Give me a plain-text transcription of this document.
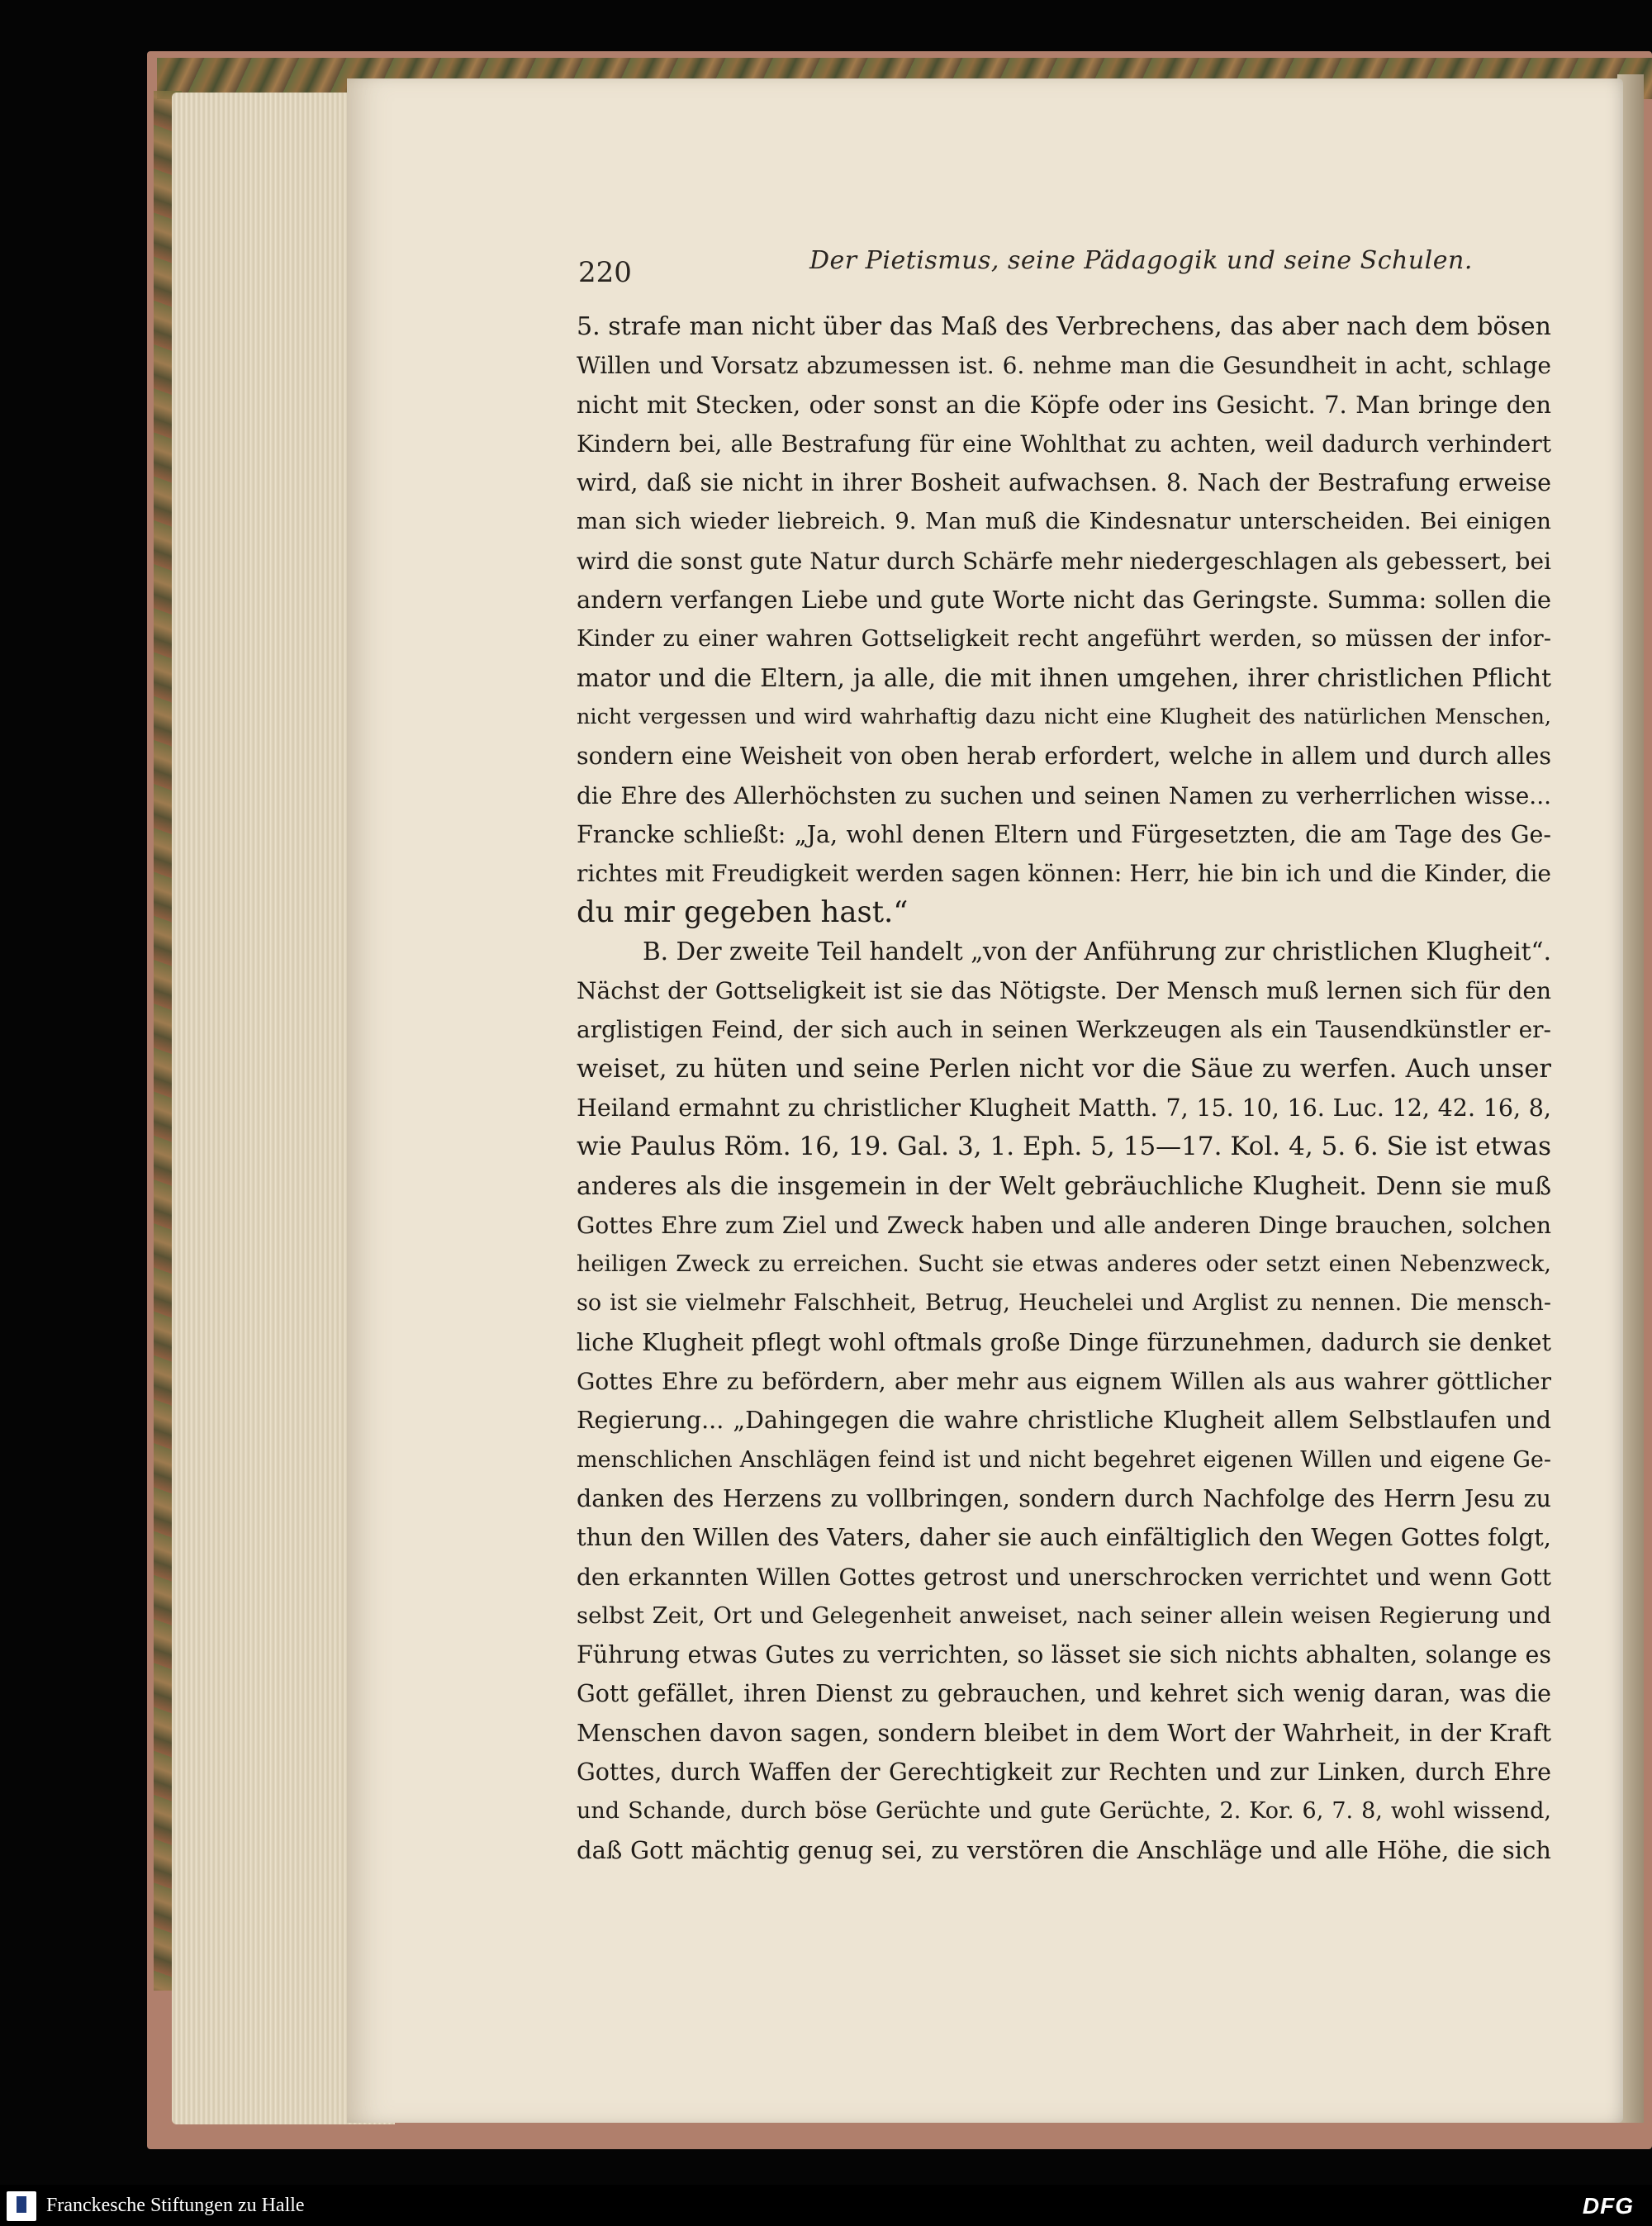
220	Der Pietismus, seine Pädagogik und seine Schulen.
5. strafe man nicht über das Maß des Verbrechens, das aber nach dem bösen
Willen und Vorsatz abzumessen ist. 6. nehme man die Gesundheit in acht, schlage
nicht mit Stecken, oder sonst an die Köpfe oder ins Gesicht. 7. Man bringe den
Kindern bei, alle Bestrafung für eine Wohlthat zu achten, weil dadurch verhindert
wird, daß sie nicht in ihrer Bosheit aufwachsen. 8. Nach der Bestrafung erweise
man sich wieder liebreich. 9. Man muß die Kindesnatur unterscheiden. Bei einigen
wird die sonst gute Natur durch Schärfe mehr niedergeschlagen als gebessert, bei
andern verfangen Liebe und gute Worte nicht das Geringste. Summa: sollen die
Kinder zu einer wahren Gottseligkeit recht angeführt werden, so müssen der infor-
mator und die Eltern, ja alle, die mit ihnen umgehen, ihrer christlichen Pflicht
nicht vergessen und wird wahrhaftig dazu nicht eine Klugheit des natürlichen Menschen,
sondern eine Weisheit von oben herab erfordert, welche in allem und durch alles
die Ehre des Allerhöchsten zu suchen und seinen Namen zu verherrlichen wisse...
Francke schließt: „Ja, wohl denen Eltern und Fürgesetzten, die am Tage des Ge-
richtes mit Freudigkeit werden sagen können: Herr, hie bin ich und die Kinder, die
du mir gegeben hast.“
B. Der zweite Teil handelt „von der Anführung zur christlichen Klugheit“.
Nächst der Gottseligkeit ist sie das Nötigste. Der Mensch muß lernen sich für den
arglistigen Feind, der sich auch in seinen Werkzeugen als ein Tausendkünstler er-
weiset, zu hüten und seine Perlen nicht vor die Säue zu werfen. Auch unser
Heiland ermahnt zu christlicher Klugheit Matth. 7, 15. 10, 16. Luc. 12, 42. 16, 8,
wie Paulus Röm. 16, 19. Gal. 3, 1. Eph. 5, 15—17. Kol. 4, 5. 6. Sie ist etwas
anderes als die insgemein in der Welt gebräuchliche Klugheit. Denn sie muß
Gottes Ehre zum Ziel und Zweck haben und alle anderen Dinge brauchen, solchen
heiligen Zweck zu erreichen. Sucht sie etwas anderes oder setzt einen Nebenzweck,
so ist sie vielmehr Falschheit, Betrug, Heuchelei und Arglist zu nennen. Die mensch-
liche Klugheit pflegt wohl oftmals große Dinge fürzunehmen, dadurch sie denket
Gottes Ehre zu befördern, aber mehr aus eignem Willen als aus wahrer göttlicher
Regierung... „Dahingegen die wahre christliche Klugheit allem Selbstlaufen und
menschlichen Anschlägen feind ist und nicht begehret eigenen Willen und eigene Ge-
danken des Herzens zu vollbringen, sondern durch Nachfolge des Herrn Jesu zu
thun den Willen des Vaters, daher sie auch einfältiglich den Wegen Gottes folgt,
den erkannten Willen Gottes getrost und unerschrocken verrichtet und wenn Gott
selbst Zeit, Ort und Gelegenheit anweiset, nach seiner allein weisen Regierung und
Führung etwas Gutes zu verrichten, so lässet sie sich nichts abhalten, solange es
Gott gefället, ihren Dienst zu gebrauchen, und kehret sich wenig daran, was die
Menschen davon sagen, sondern bleibet in dem Wort der Wahrheit, in der Kraft
Gottes, durch Waffen der Gerechtigkeit zur Rechten und zur Linken, durch Ehre
und Schande, durch böse Gerüchte und gute Gerüchte, 2. Kor. 6, 7. 8, wohl wissend,
daß Gott mächtig genug sei, zu verstören die Anschläge und alle Höhe, die sich
Franckesche Stiftungen zu Halle	DFG
